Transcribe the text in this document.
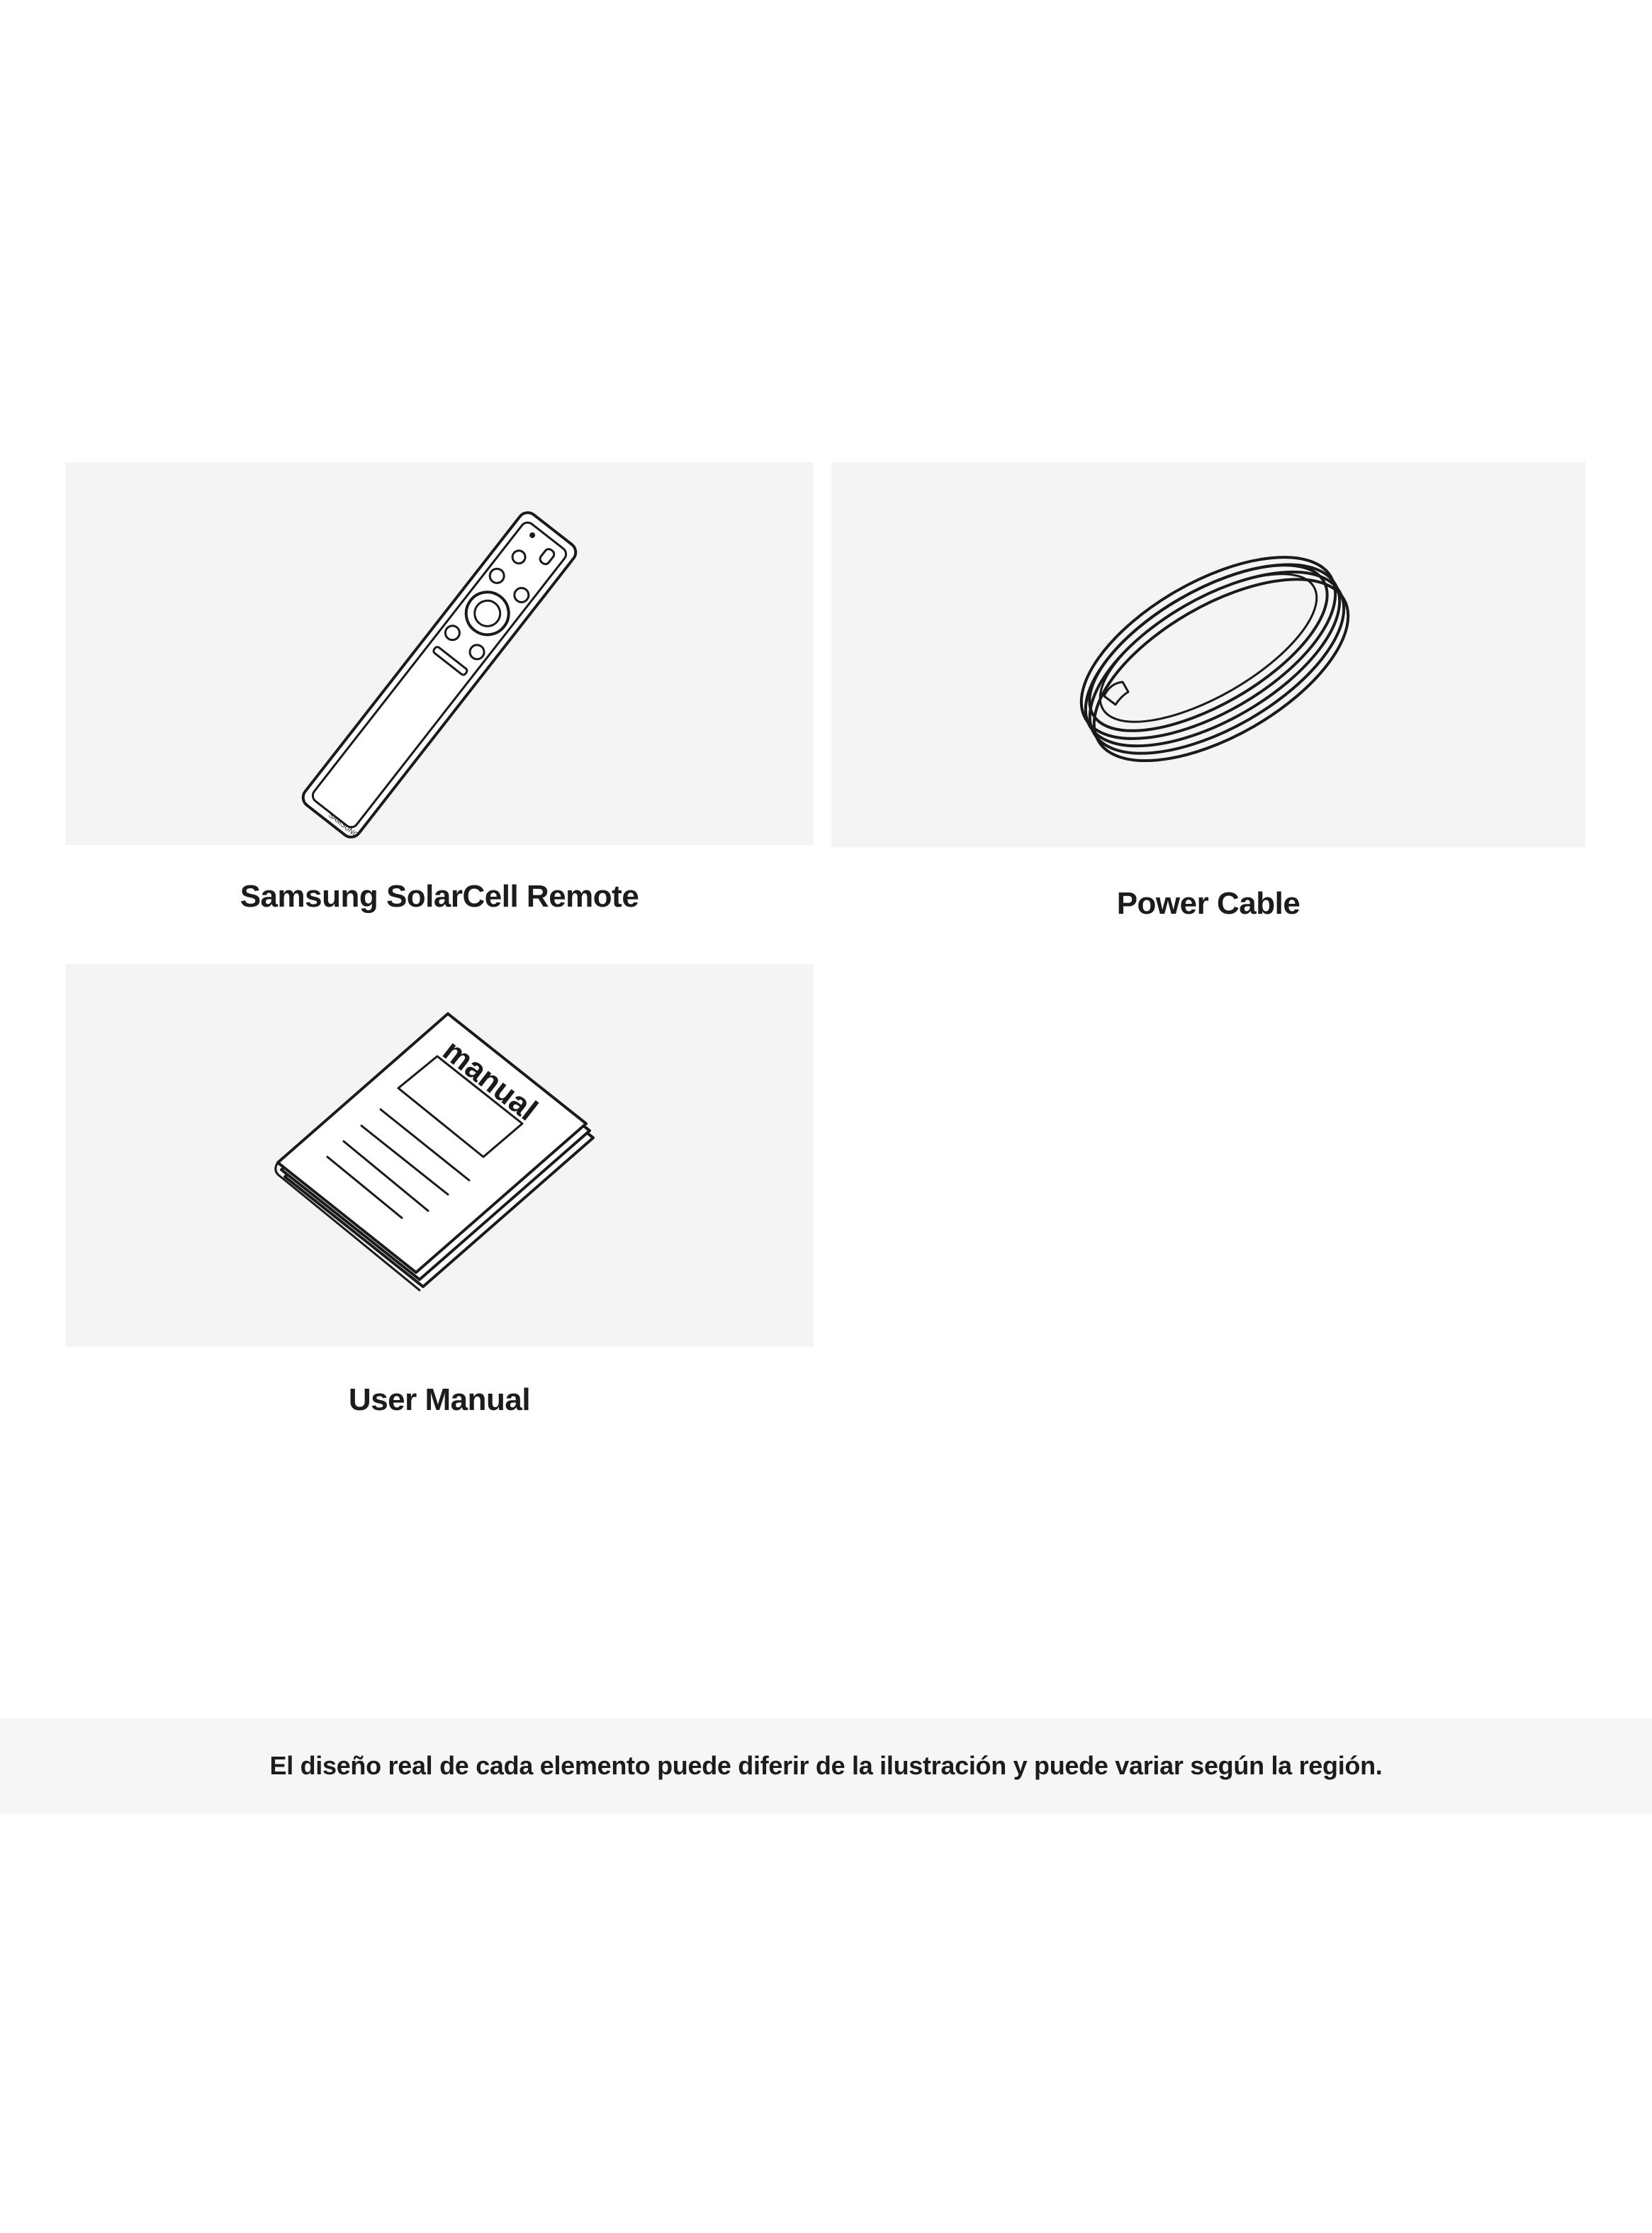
SAMSUNG
Samsung SolarCell Remote	Power Cable
manual
User Manual
El diseño real de cada elemento puede diferir de la ilustración y puede variar según la región.
